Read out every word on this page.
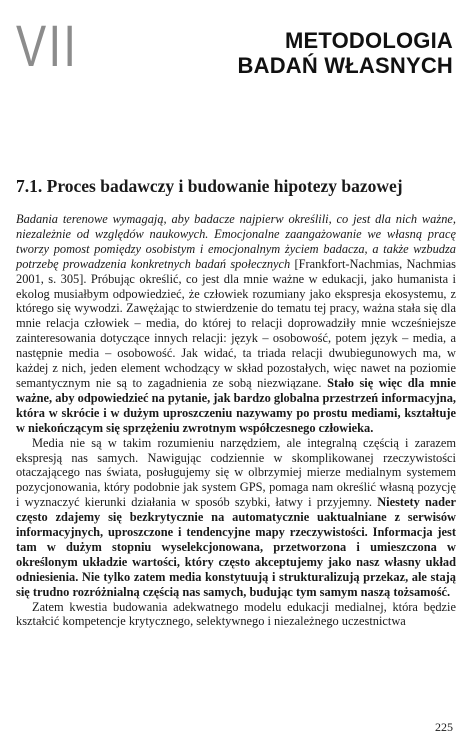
VII	METODOLOGIA
BADAŃ WŁASNYCH
7.1. Proces badawczy i budowanie hipotezy bazowej

Badania terenowe wymagają, aby badacze najpierw określili, co jest dla nich ważne, niezależnie od względów naukowych. Emocjonalne zaangażowanie we własną pracę tworzy pomost pomiędzy osobistym i emocjonalnym życiem badacza, a także wzbudza potrzebę prowadzenia konkretnych badań społecznych [Frankfort-Nachmias, Nachmias 2001, s. 305]. Próbując określić, co jest dla mnie ważne w edukacji, jako humanista i ekolog musiałbym odpowiedzieć, że człowiek rozumiany jako ekspresja ekosystemu, z którego się wywodzi. Zawężając to stwierdzenie do tematu tej pracy, ważna stała się dla mnie relacja człowiek – media, do której to relacji doprowadziły mnie wcześniejsze zainteresowania dotyczące innych relacji: język – osobowość, potem język – media, a następnie media – osobowość. Jak widać, ta triada relacji dwubiegunowych ma, w każdej z nich, jeden element wchodzący w skład pozostałych, więc nawet na poziomie semantycznym nie są to zagadnienia ze sobą niezwiązane. Stało się więc dla mnie ważne, aby odpowiedzieć na pytanie, jak bardzo globalna przestrzeń informacyjna, która w skrócie i w dużym uproszczeniu nazywamy po prostu mediami, kształtuje w niekończącym się sprzężeniu zwrotnym współczesnego człowieka.

Media nie są w takim rozumieniu narzędziem, ale integralną częścią i zarazem ekspresją nas samych. Nawigując codziennie w skomplikowanej rzeczywistości otaczającego nas świata, posługujemy się w olbrzymiej mierze medialnym systemem pozycjonowania, który podobnie jak system GPS, pomaga nam określić własną pozycję i wyznaczyć kierunki działania w sposób szybki, łatwy i przyjemny. Niestety nader często zdajemy się bezkrytycznie na automatycznie uaktualniane z serwisów informacyjnych, uproszczone i tendencyjne mapy rzeczywistości. Informacja jest tam w dużym stopniu wyselekcjonowana, przetworzona i umieszczona w określonym układzie wartości, który często akceptujemy jako nasz własny układ odniesienia. Nie tylko zatem media konstytuują i strukturalizują przekaz, ale stają się trudno rozróżnialną częścią nas samych, budując tym samym naszą tożsamość.

Zatem kwestia budowania adekwatnego modelu edukacji medialnej, która będzie kształcić kompetencje krytycznego, selektywnego i niezależnego uczestnictwa

225
